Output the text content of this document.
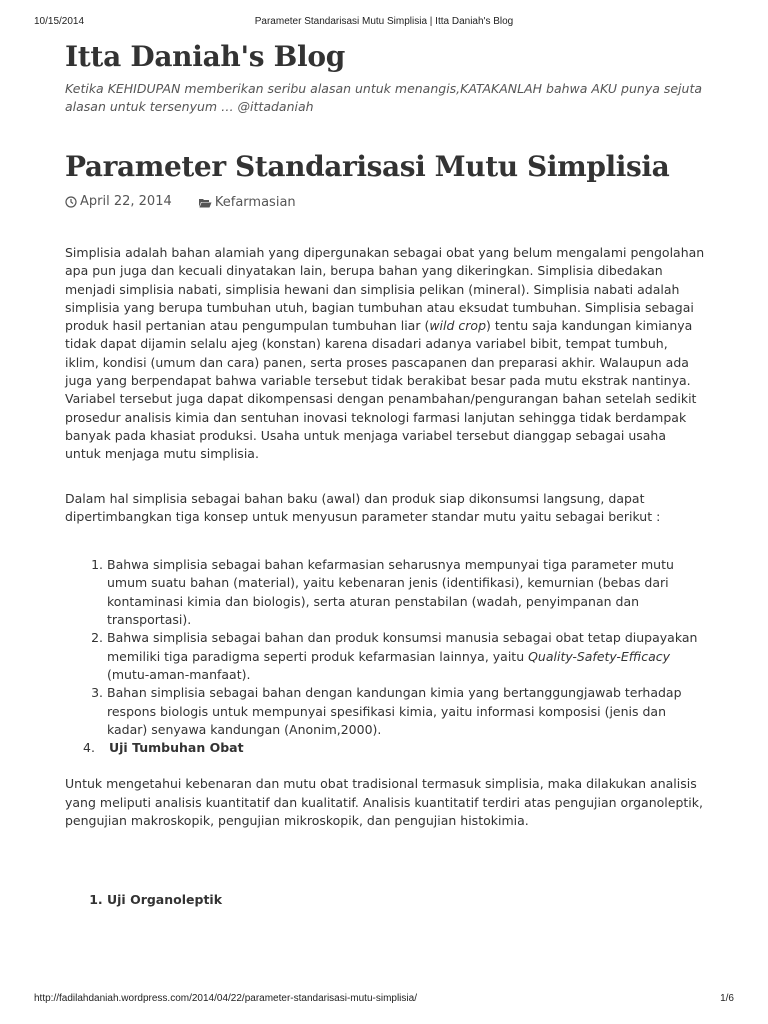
10/15/2014	Parameter Standarisasi Mutu Simplisia | Itta Daniah's Blog
Itta Daniah's Blog

Ketika KEHIDUPAN memberikan seribu alasan untuk menangis,KATAKANLAH bahwa AKU punya sejuta alasan untuk tersenyum … @ittadaniah

Parameter Standarisasi Mutu Simplisia
April 22, 2014
	Kefarmasian

Simplisia adalah bahan alamiah yang dipergunakan sebagai obat yang belum mengalami pengolahan apa pun juga dan kecuali dinyatakan lain, berupa bahan yang dikeringkan. Simplisia dibedakan menjadi simplisia nabati, simplisia hewani dan simplisia pelikan (mineral). Simplisia nabati adalah simplisia yang berupa tumbuhan utuh, bagian tumbuhan atau eksudat tumbuhan. Simplisia sebagai produk hasil pertanian atau pengumpulan tumbuhan liar (wild crop) tentu saja kandungan kimianya tidak dapat dijamin selalu ajeg (konstan) karena disadari adanya variabel bibit, tempat tumbuh, iklim, kondisi (umum dan cara) panen, serta proses pascapanen dan preparasi akhir. Walaupun ada juga yang berpendapat bahwa variable tersebut tidak berakibat besar pada mutu ekstrak nantinya. Variabel tersebut juga dapat dikompensasi dengan penambahan/pengurangan bahan setelah sedikit prosedur analisis kimia dan sentuhan inovasi teknologi farmasi lanjutan sehingga tidak berdampak banyak pada khasiat produksi. Usaha untuk menjaga variabel tersebut dianggap sebagai usaha untuk menjaga mutu simplisia.

Dalam hal simplisia sebagai bahan baku (awal) dan produk siap dikonsumsi langsung, dapat dipertimbangkan tiga konsep untuk menyusun parameter standar mutu yaitu sebagai berikut :

1. Bahwa simplisia sebagai bahan kefarmasian seharusnya mempunyai tiga parameter mutu umum suatu bahan (material), yaitu kebenaran jenis (identifikasi), kemurnian (bebas dari kontaminasi kimia dan biologis), serta aturan penstabilan (wadah, penyimpanan dan transportasi).
2. Bahwa simplisia sebagai bahan dan produk konsumsi manusia sebagai obat tetap diupayakan memiliki tiga paradigma seperti produk kefarmasian lainnya, yaitu Quality-Safety-Efficacy (mutu-aman-manfaat).
3. Bahan simplisia sebagai bahan dengan kandungan kimia yang bertanggungjawab terhadap respons biologis untuk mempunyai spesifikasi kimia, yaitu informasi komposisi (jenis dan kadar) senyawa kandungan (Anonim,2000).
4. Uji Tumbuhan Obat

Untuk mengetahui kebenaran dan mutu obat tradisional termasuk simplisia, maka dilakukan analisis yang meliputi analisis kuantitatif dan kualitatif. Analisis kuantitatif terdiri atas pengujian organoleptik, pengujian makroskopik, pengujian mikroskopik, dan pengujian histokimia.

1. Uji Organoleptik
http://fadilahdaniah.wordpress.com/2014/04/22/parameter-standarisasi-mutu-simplisia/	1/6
